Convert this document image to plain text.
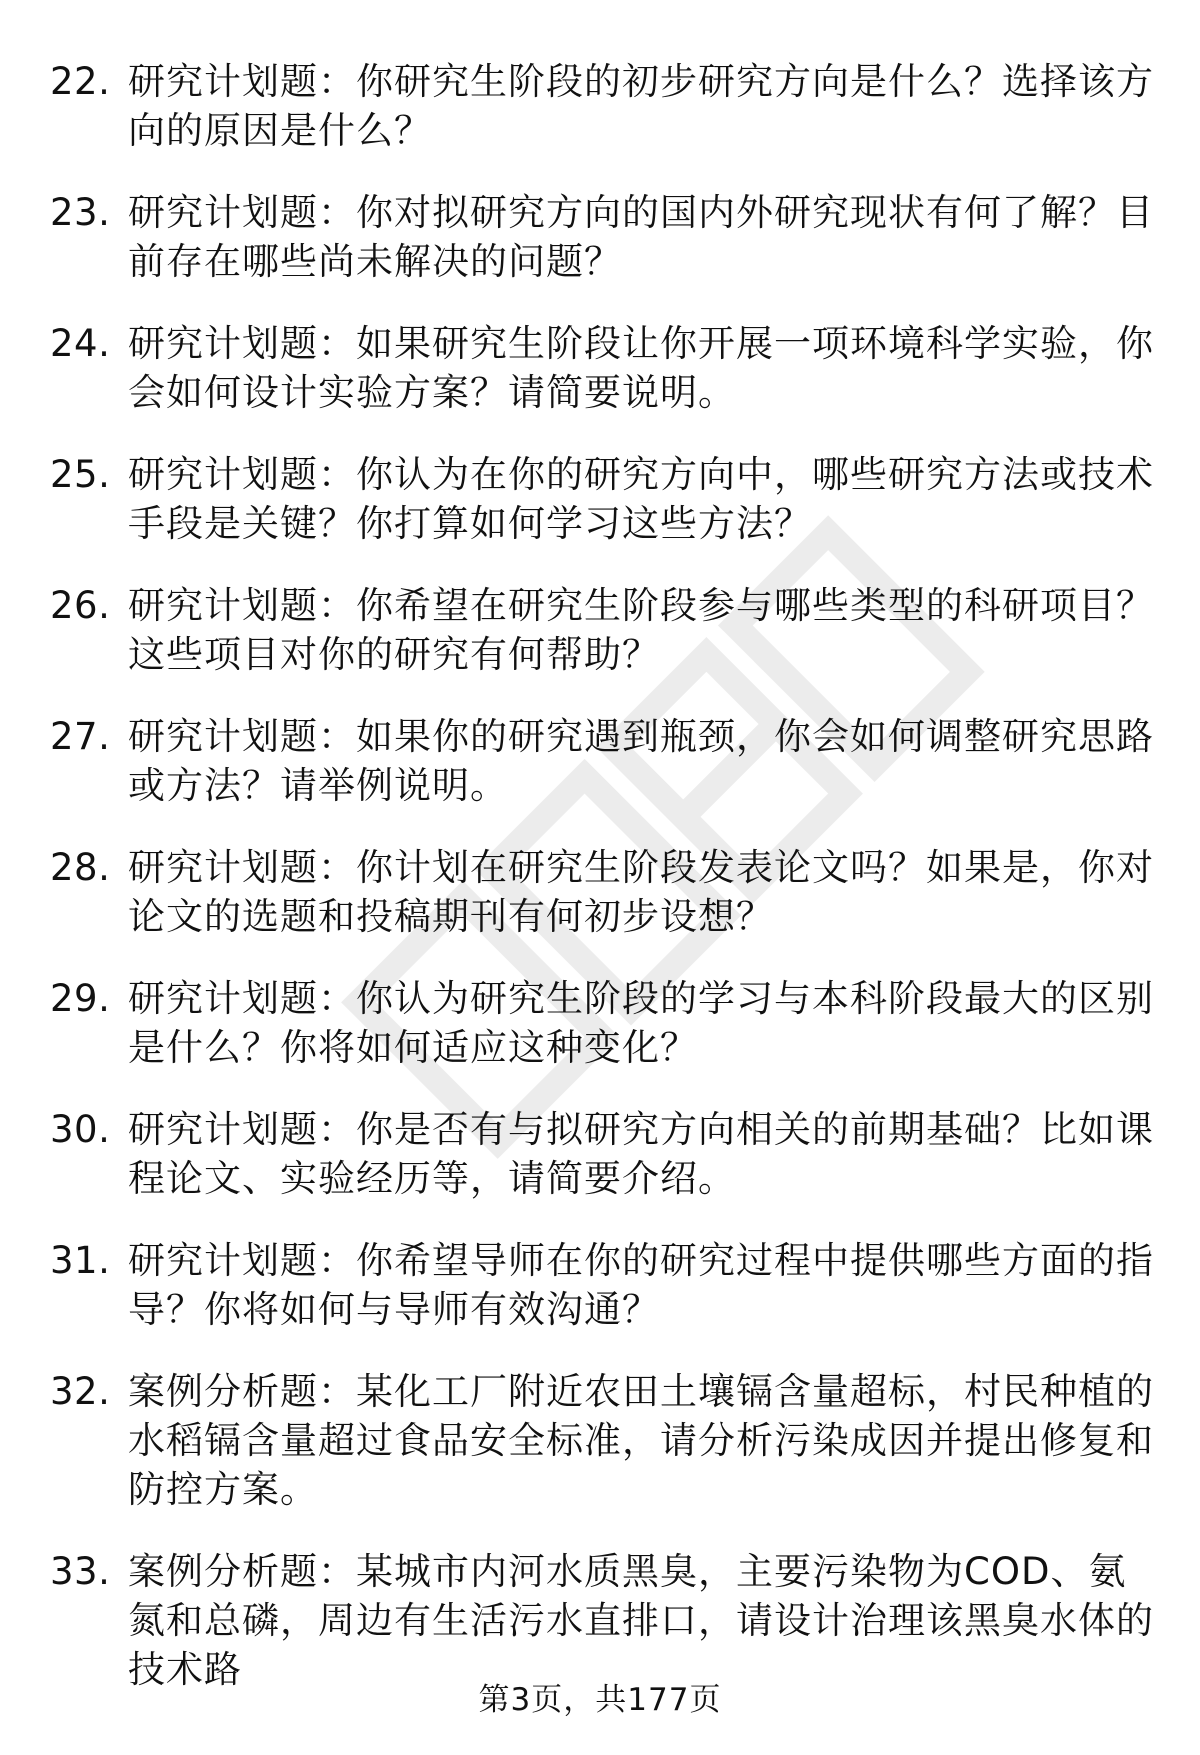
22. 研究计划题：你研究生阶段的初步研究方向是什么？选择该方向的原因是什么？
23. 研究计划题：你对拟研究方向的国内外研究现状有何了解？目前存在哪些尚未解决的问题？
24. 研究计划题：如果研究生阶段让你开展一项环境科学实验，你会如何设计实验方案？请简要说明。
25. 研究计划题：你认为在你的研究方向中，哪些研究方法或技术手段是关键？你打算如何学习这些方法？
26. 研究计划题：你希望在研究生阶段参与哪些类型的科研项目？这些项目对你的研究有何帮助？
27. 研究计划题：如果你的研究遇到瓶颈，你会如何调整研究思路或方法？请举例说明。
28. 研究计划题：你计划在研究生阶段发表论文吗？如果是，你对论文的选题和投稿期刊有何初步设想？
29. 研究计划题：你认为研究生阶段的学习与本科阶段最大的区别是什么？你将如何适应这种变化？
30. 研究计划题：你是否有与拟研究方向相关的前期基础？比如课程论文、实验经历等，请简要介绍。
31. 研究计划题：你希望导师在你的研究过程中提供哪些方面的指导？你将如何与导师有效沟通？
32. 案例分析题：某化工厂附近农田土壤镉含量超标，村民种植的水稻镉含量超过食品安全标准，请分析污染成因并提出修复和防控方案。
33. 案例分析题：某城市内河水质黑臭，主要污染物为COD、氨氮和总磷，周边有生活污水直排口，请设计治理该黑臭水体的技术路
第3页，共177页
